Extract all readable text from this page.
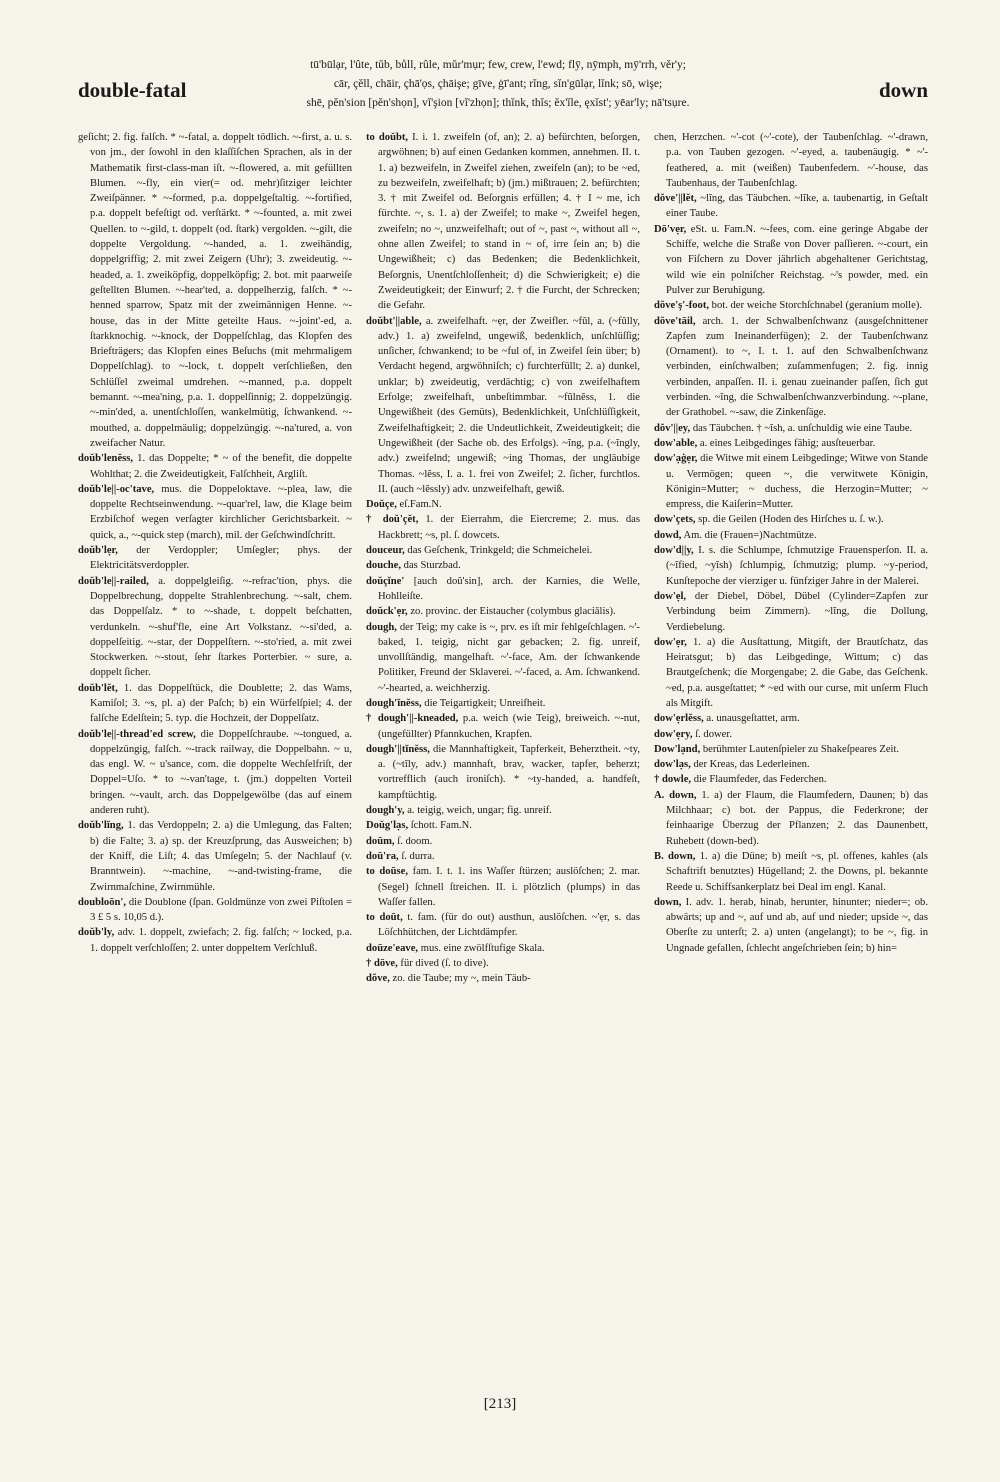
double-fatal
tū'būlạr, l'ûte, tŭb, bůll, rûle, mŭr'mụr; few, crew, l'ewd; flȳ, nȳmph, mȳ'rrh, vĕr'y;
cār, çĕll, chāir, çhā'ọs, çhāişe; gīve, ġī'ant; rĭng, sĭn'gūlạr, lĭnk; sō, wişe;
shē, pĕn'sion [pĕn'shọn], vĭ'şion [vĭ'zhọn]; thĭnk, thĭs; ĕx'ĭle, ęxĭst'; yēar'ly; nā'tsụre.
down

geſicht; 2. fig. falſch. * ~-fatal, a. doppelt tödlich. ~-first, a. u. s. von jm., der ſowohl in den klaſſiſchen Sprachen, als in der Mathematik first-class-man iſt. ~-flowered, a. mit gefüllten Blumen. ~-fly, ein vier(= od. mehr)ſitziger leichter Zweiſpänner. * ~-formed, p.a. doppelgeſtaltig. ~-fortified, p.a. doppelt befeſtigt od. verſtärkt. * ~-founted, a. mit zwei Quellen. to ~-gild, t. doppelt (od. ſtark) vergolden. ~-gilt, die doppelte Vergoldung. ~-handed, a. 1. zweihändig, doppelgriffig; 2. mit zwei Zeigern (Uhr); 3. zweideutig. ~-headed, a. 1. zweiköpfig, doppelköpfig; 2. bot. mit paarweiſe geſtellten Blumen. ~-hear'ted, a. doppelherzig, falſch. * ~-henned sparrow, Spatz mit der zweimännigen Henne. ~-house, das in der Mitte geteilte Haus. ~-joint'-ed, a. ſtarkknochig. ~-knock, der Doppelſchlag, das Klopfen des Briefträgers; das Klopfen eines Beſuchs (mit mehrmaligem Doppelſchlag). to ~-lock, t. doppelt verſchließen, den Schlüſſel zweimal umdrehen. ~-manned, p.a. doppelt bemannt. ~-mea'ning, p.a. 1. doppelſinnig; 2. doppelzüngig. ~-min'ded, a. unentſchloſſen, wankelmütig, ſchwankend. ~-mouthed, a. doppelmäulig; doppelzüngig. ~-na'tured, a. von zweifacher Natur.

doŭb'lenĕss, 1. das Doppelte; * ~ of the benefit, die doppelte Wohlthat; 2. die Zweideutigkeit, Falſchheit, Argliſt.

doŭb'le||-oc'tave, mus. die Doppeloktave. ~-plea, law, die doppelte Rechtseinwendung. ~-quar'rel, law, die Klage beim Erzbiſchof wegen verſagter kirchlicher Gerichtsbarkeit. ~ quick, a., ~-quick step (march), mil. der Geſchwindſchritt.

doŭb'lẹr, der Verdoppler; Umſegler; phys. der Elektricitätsverdoppler.

doŭb'le||-railed, a. doppelgleiſig. ~-refrac'tion, phys. die Doppelbrechung, doppelte Strahlenbrechung. ~-salt, chem. das Doppelſalz. * to ~-shade, t. doppelt beſchatten, verdunkeln. ~-shuf'fle, eine Art Volkstanz. ~-si'ded, a. doppelſeitig. ~-star, der Doppelſtern. ~-sto'ried, a. mit zwei Stockwerken. ~-stout, ſehr ſtarkes Porterbier. ~ sure, a. doppelt ſicher.

doŭb'lĕt, 1. das Doppelſtück, die Doublette; 2. das Wams, Kamiſol; 3. ~s, pl. a) der Paſch; b) ein Würfelſpiel; 4. der falſche Edelſtein; 5. typ. die Hochzeit, der Doppelſatz.

doŭb'le||-thread'ed screw, die Doppelſchraube. ~-tongued, a. doppelzüngig, falſch. ~-track railway, die Doppelbahn. ~ u, das engl. W. ~ u'sance, com. die doppelte Wechſelfriſt, der Doppel=Uſo. * to ~-van'tage, t. (jm.) doppelten Vorteil bringen. ~-vault, arch. das Doppelgewölbe (das auf einem anderen ruht).

doŭb'lĭng, 1. das Verdoppeln; 2. a) die Umlegung, das Falten; b) die Falte; 3. a) sp. der Kreuzſprung, das Ausweichen; b) der Kniff, die Liſt; 4. das Umſegeln; 5. der Nachlauf (v. Branntwein). ~-machine, ~-and-twisting-frame, die Zwirnmaſchine, Zwirnmühle.

doubloōn', die Doublone (ſpan. Goldmünze von zwei Piſtolen = 3 £ 5 s. 10,05 d.).

doŭb'ly, adv. 1. doppelt, zwiefach; 2. fig. falſch; ~ locked, p.a. 1. doppelt verſchloſſen; 2. unter doppeltem Verſchluß.

to doŭbt, I. i. 1. zweifeln (of, an); 2. a) befürchten, beſorgen, argwöhnen; b) auf einen Gedanken kommen, annehmen. II. t. 1. a) bezweifeln, in Zweifel ziehen, zweifeln (an); to be ~ed, zu bezweifeln, zweifelhaft; b) (jm.) mißtrauen; 2. befürchten; 3. † mit Zweifel od. Beſorgnis erfüllen; 4. † I ~ me, ich fürchte. ~, s. 1. a) der Zweifel; to make ~, Zweifel hegen, zweifeln; no ~, unzweifelhaft; out of ~, past ~, without all ~, ohne allen Zweifel; to stand in ~ of, irre ſein an; b) die Ungewißheit; c) das Bedenken; die Bedenklichkeit, Beſorgnis, Unentſchloſſenheit; d) die Schwierigkeit; e) die Zweideutigkeit; der Einwurf; 2. † die Furcht, der Schrecken; die Gefahr.

doŭbt'||able, a. zweifelhaft. ~ẹr, der Zweifler. ~fŭl, a. (~fŭlly, adv.) 1. a) zweifelnd, ungewiß, bedenklich, unſchlüſſig; unſicher, ſchwankend; to be ~ful of, in Zweifel ſein über; b) Verdacht hegend, argwöhniſch; c) furchterfüllt; 2. a) dunkel, unklar; b) zweideutig, verdächtig; c) von zweifelhaftem Erfolge; zweifelhaft, unbeſtimmbar. ~fŭlnĕss, 1. die Ungewißheit (des Gemüts), Bedenklichkeit, Unſchlüſſigkeit, Zweifelhaftigkeit; 2. die Undeutlichkeit, Zweideutigkeit; die Ungewißheit (der Sache ob. des Erfolgs). ~ĭng, p.a. (~ĭngly, adv.) zweifelnd; ungewiß; ~ing Thomas, der ungläubige Thomas. ~lĕss, I. a. 1. frei von Zweifel; 2. ſicher, furchtlos. II. (auch ~lĕssly) adv. unzweifelhaft, gewiß.

Doŭçe, eſ.Fam.N.

† doŭ'çĕt, 1. der Eierrahm, die Eiercreme; 2. mus. das Hackbrett; ~s, pl. ſ. dowcets.

douceur, das Geſchenk, Trinkgeld; die Schmeichelei.

douche, das Sturzbad.

doŭçĭne' [auch doŭ'sin], arch. der Karnies, die Welle, Hohlleiſte.

doŭck'ẹr, zo. provinc. der Eistaucher (colymbus glaciālis).

dough, der Teig; my cake is ~, prv. es iſt mir fehlgeſchlagen. ~'-baked, 1. teigig, nicht gar gebacken; 2. fig. unreif, unvollſtändig, mangelhaft. ~'-face, Am. der ſchwankende Politiker, Freund der Sklaverei. ~'-faced, a. Am. ſchwankend. ~'-hearted, a. weichherzig.

dough'ĭnĕss, die Teigartigkeit; Unreifheit.

† dough'||-kneaded, p.a. weich (wie Teig), breiweich. ~-nut, (ungefüllter) Pfannkuchen, Krapfen.

dough'||tĭnĕss, die Mannhaftigkeit, Tapferkeit, Beherztheit. ~ty, a. (~tĭly, adv.) mannhaft, brav, wacker, tapfer, beherzt; vortrefflich (auch ironiſch). * ~ty-handed, a. handfeſt, kampftüchtig.

dough'y, a. teigig, weich, ungar; fig. unreif.

Doŭg'lạs, ſchott. Fam.N.

doūm, ſ. doom.

doū'ra, ſ. durra.

to doūse, fam. I. t. 1. ins Waſſer ſtürzen; auslöſchen; 2. mar. (Segel) ſchnell ſtreichen. II. i. plötzlich (plumps) in das Waſſer fallen.

to doūt, t. fam. (für do out) austhun, auslöſchen. ~'ẹr, s. das Löſchhütchen, der Lichtdämpfer.

doūze'eave, mus. eine zwölfſtufige Skala.

† dōve, für dived (ſ. to dive).

dŏve, zo. die Taube; my ~, mein Täub-

chen, Herzchen. ~'-cot (~'-cote), der Taubenſchlag. ~'-drawn, p.a. von Tauben gezogen. ~'-eyed, a. taubenäugig. * ~'-feathered, a. mit (weißen) Taubenfedern. ~'-house, das Taubenhaus, der Taubenſchlag.

dŏve'||lĕt, ~lĭng, das Täubchen. ~lĭke, a. taubenartig, in Geſtalt einer Taube.

Dō'vẹr, eSt. u. Fam.N. ~-fees, com. eine geringe Abgabe der Schiffe, welche die Straße von Dover paſſieren. ~-court, ein von Fiſchern zu Dover jährlich abgehaltener Gerichtstag, wild wie ein polniſcher Reichstag. ~'s powder, med. ein Pulver zur Beruhigung.

dŏve'ş'-foot, bot. der weiche Storchſchnabel (geranium molle).

dŏve'tāil, arch. 1. der Schwalbenſchwanz (ausgeſchnittener Zapfen zum Ineinanderfügen); 2. der Taubenſchwanz (Ornament). to ~, I. t. 1. auf den Schwalbenſchwanz verbinden, einſchwalben; zuſammenfugen; 2. fig. innig verbinden, anpaſſen. II. i. genau zueinander paſſen, ſich gut verbinden. ~ĭng, die Schwalbenſchwanzverbindung. ~-plane, der Grathobel. ~-saw, die Zinkenſäge.

dŏv'||ey, das Täubchen. † ~ĭsh, a. unſchuldig wie eine Taube.

dow'able, a. eines Leibgedinges fähig; ausſteuerbar.

dow'ạġẹr, die Witwe mit einem Leibgedinge; Witwe von Stande u. Vermögen; queen ~, die verwitwete Königin, Königin=Mutter; ~ duchess, die Herzogin=Mutter; ~ empress, die Kaiſerin=Mutter.

dow'çets, sp. die Geilen (Hoden des Hirſches u. ſ. w.).

dowd, Am. die (Frauen=)Nachtmütze.

dow'd||y, I. s. die Schlumpe, ſchmutzige Frauensperſon. II. a. (~ĭfied, ~yĭsh) ſchlumpig, ſchmutzig; plump. ~y-period, Kunſtepoche der vierziger u. fünfziger Jahre in der Malerei.

dow'ẹl, der Diebel, Döbel, Dübel (Cylinder=Zapfen zur Verbindung beim Zimmern). ~lĭng, die Dollung, Verdiebelung.

dow'ẹr, 1. a) die Ausſtattung, Mitgift, der Brautſchatz, das Heiratsgut; b) das Leibgedinge, Wittum; c) das Brautgeſchenk; die Morgengabe; 2. die Gabe, das Geſchenk. ~ed, p.a. ausgeſtattet; * ~ed with our curse, mit unſerm Fluch als Mitgift.

dow'ẹrlĕss, a. unausgeſtattet, arm.

dow'ẹry, ſ. dower.

Dow'lạnd, berühmter Lautenſpieler zu Shakeſpeares Zeit.

dow'lạs, der Kreas, das Lederleinen.

† dowle, die Flaumfeder, das Federchen.

A. down, 1. a) der Flaum, die Flaumfedern, Daunen; b) das Milchhaar; c) bot. der Pappus, die Federkrone; der feinhaarige Überzug der Pflanzen; 2. das Daunenbett, Ruhebett (down-bed).

B. down, 1. a) die Düne; b) meiſt ~s, pl. offenes, kahles (als Schaftrift benutztes) Hügelland; 2. the Downs, pl. bekannte Reede u. Schiffsankerplatz bei Deal im engl. Kanal.

down, I. adv. 1. herab, hinab, herunter, hinunter; nieder=; ob. abwärts; up and ~, auf und ab, auf und nieder; upside ~, das Oberſte zu unterſt; 2. a) unten (angelangt); to be ~, fig. in Ungnade gefallen, ſchlecht angeſchrieben ſein; b) hin=

[213]
